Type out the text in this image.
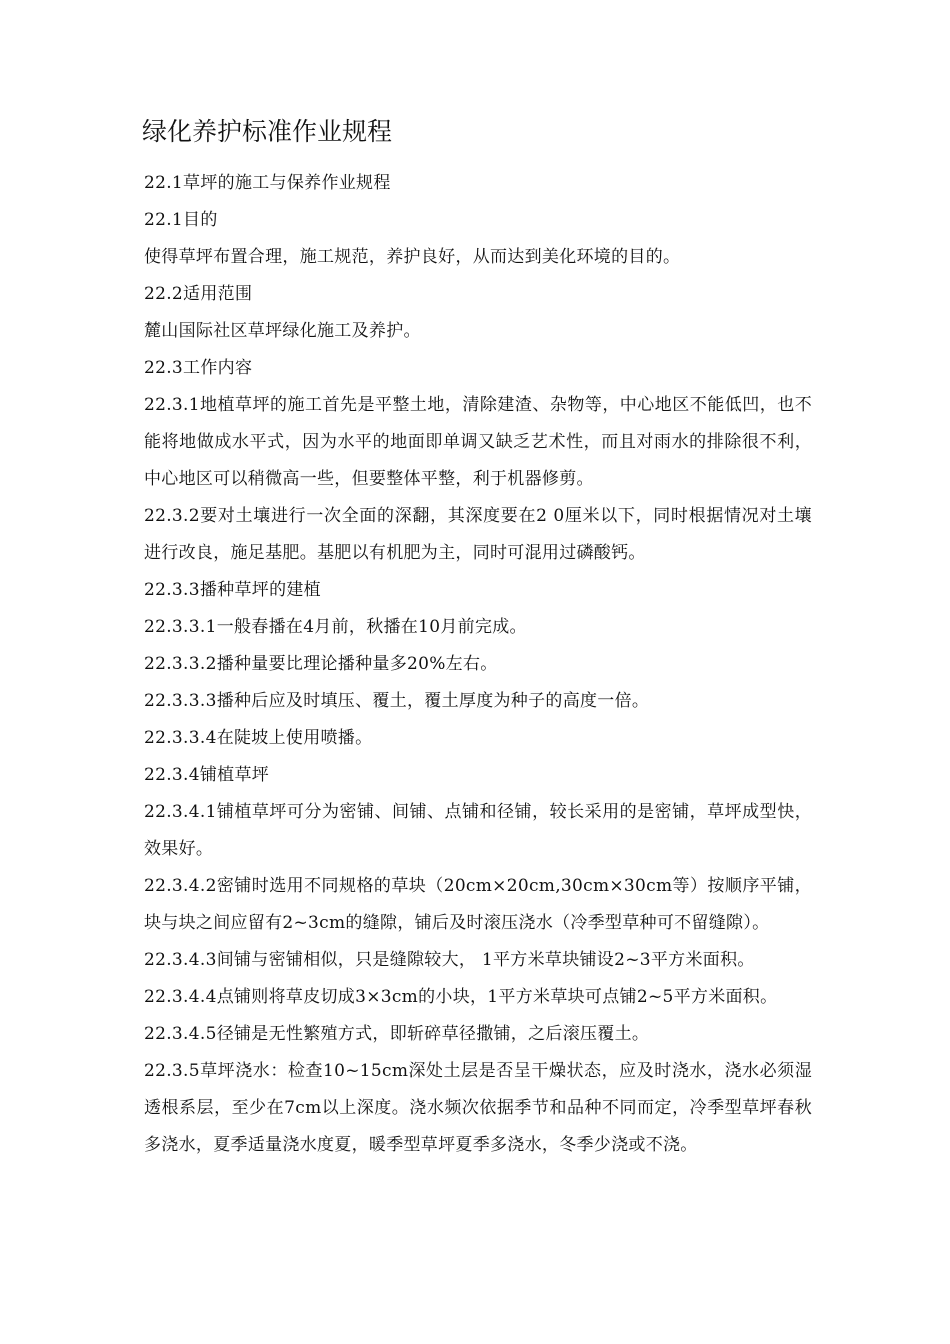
绿化养护标准作业规程

22.1草坪的施工与保养作业规程

22.1目的

使得草坪布置合理，施工规范，养护良好，从而达到美化环境的目的。

22.2适用范围

麓山国际社区草坪绿化施工及养护。

22.3工作内容

22.3.1地植草坪的施工首先是平整土地，清除建渣、杂物等，中心地区不能低凹，也不能将地做成水平式，因为水平的地面即单调又缺乏艺术性，而且对雨水的排除很不利，中心地区可以稍微高一些，但要整体平整，利于机器修剪。

22.3.2要对土壤进行一次全面的深翻，其深度要在2 0厘米以下，同时根据情况对土壤进行改良，施足基肥。基肥以有机肥为主，同时可混用过磷酸钙。

22.3.3播种草坪的建植

22.3.3.1一般春播在4月前，秋播在10月前完成。

22.3.3.2播种量要比理论播种量多20%左右。

22.3.3.3播种后应及时填压、覆土，覆土厚度为种子的高度一倍。

22.3.3.4在陡坡上使用喷播。

22.3.4铺植草坪

22.3.4.1铺植草坪可分为密铺、间铺、点铺和径铺，较长采用的是密铺，草坪成型快，效果好。

22.3.4.2密铺时选用不同规格的草块（20cm×20cm,30cm×30cm等）按顺序平铺，块与块之间应留有2~3cm的缝隙，铺后及时滚压浇水（冷季型草种可不留缝隙）。

22.3.4.3间铺与密铺相似，只是缝隙较大， 1平方米草块铺设2~3平方米面积。

22.3.4.4点铺则将草皮切成3×3cm的小块，1平方米草块可点铺2~5平方米面积。

22.3.4.5径铺是无性繁殖方式，即斩碎草径撒铺，之后滚压覆土。

22.3.5草坪浇水：检查10~15cm深处土层是否呈干燥状态，应及时浇水，浇水必须湿透根系层，至少在7cm以上深度。浇水频次依据季节和品种不同而定，冷季型草坪春秋多浇水，夏季适量浇水度夏，暖季型草坪夏季多浇水，冬季少浇或不浇。
